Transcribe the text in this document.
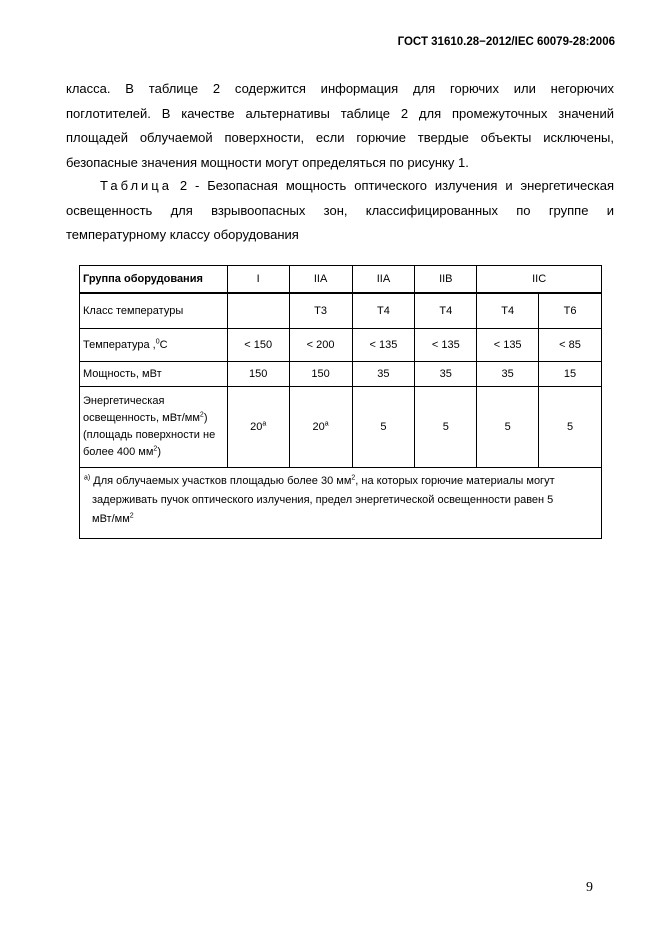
ГОСТ 31610.28−2012/IEC 60079-28:2006
класса. В таблице 2 содержится информация для горючих или негорючих
поглотителей. В качестве альтернативы таблице 2 для промежуточных значений
площадей облучаемой поверхности, если горючие твердые объекты исключены,
безопасные значения мощности могут определяться по рисунку 1.
Таблица 2 - Безопасная мощность оптического излучения и энергетическая
освещенность для взрывоопасных зон, классифицированных по группе и
температурному классу оборудования
Группа оборудования	I	IIA	IIA	IIB	IIC	
Класс температуры		T3	T4	T4	T4	T6
Температура ,$^0$C	< 150	< 200	< 135	< 135	< 135	< 85
Мощность, мВт	150	150	35	35	35	15
Энергетическая
освещенность, мВт/$мм^2$)
(площадь поверхности не
более 400 $мм^2$)	20$^a$	20$^a$	5	5	5	5
$^{a)}$ Для облучаемых участков площадью более 30 $мм^2$, на которых горючие материалы могут
задерживать пучок оптического излучения, предел энергетической освещенности равен 5
мВт/$мм^2$
9
